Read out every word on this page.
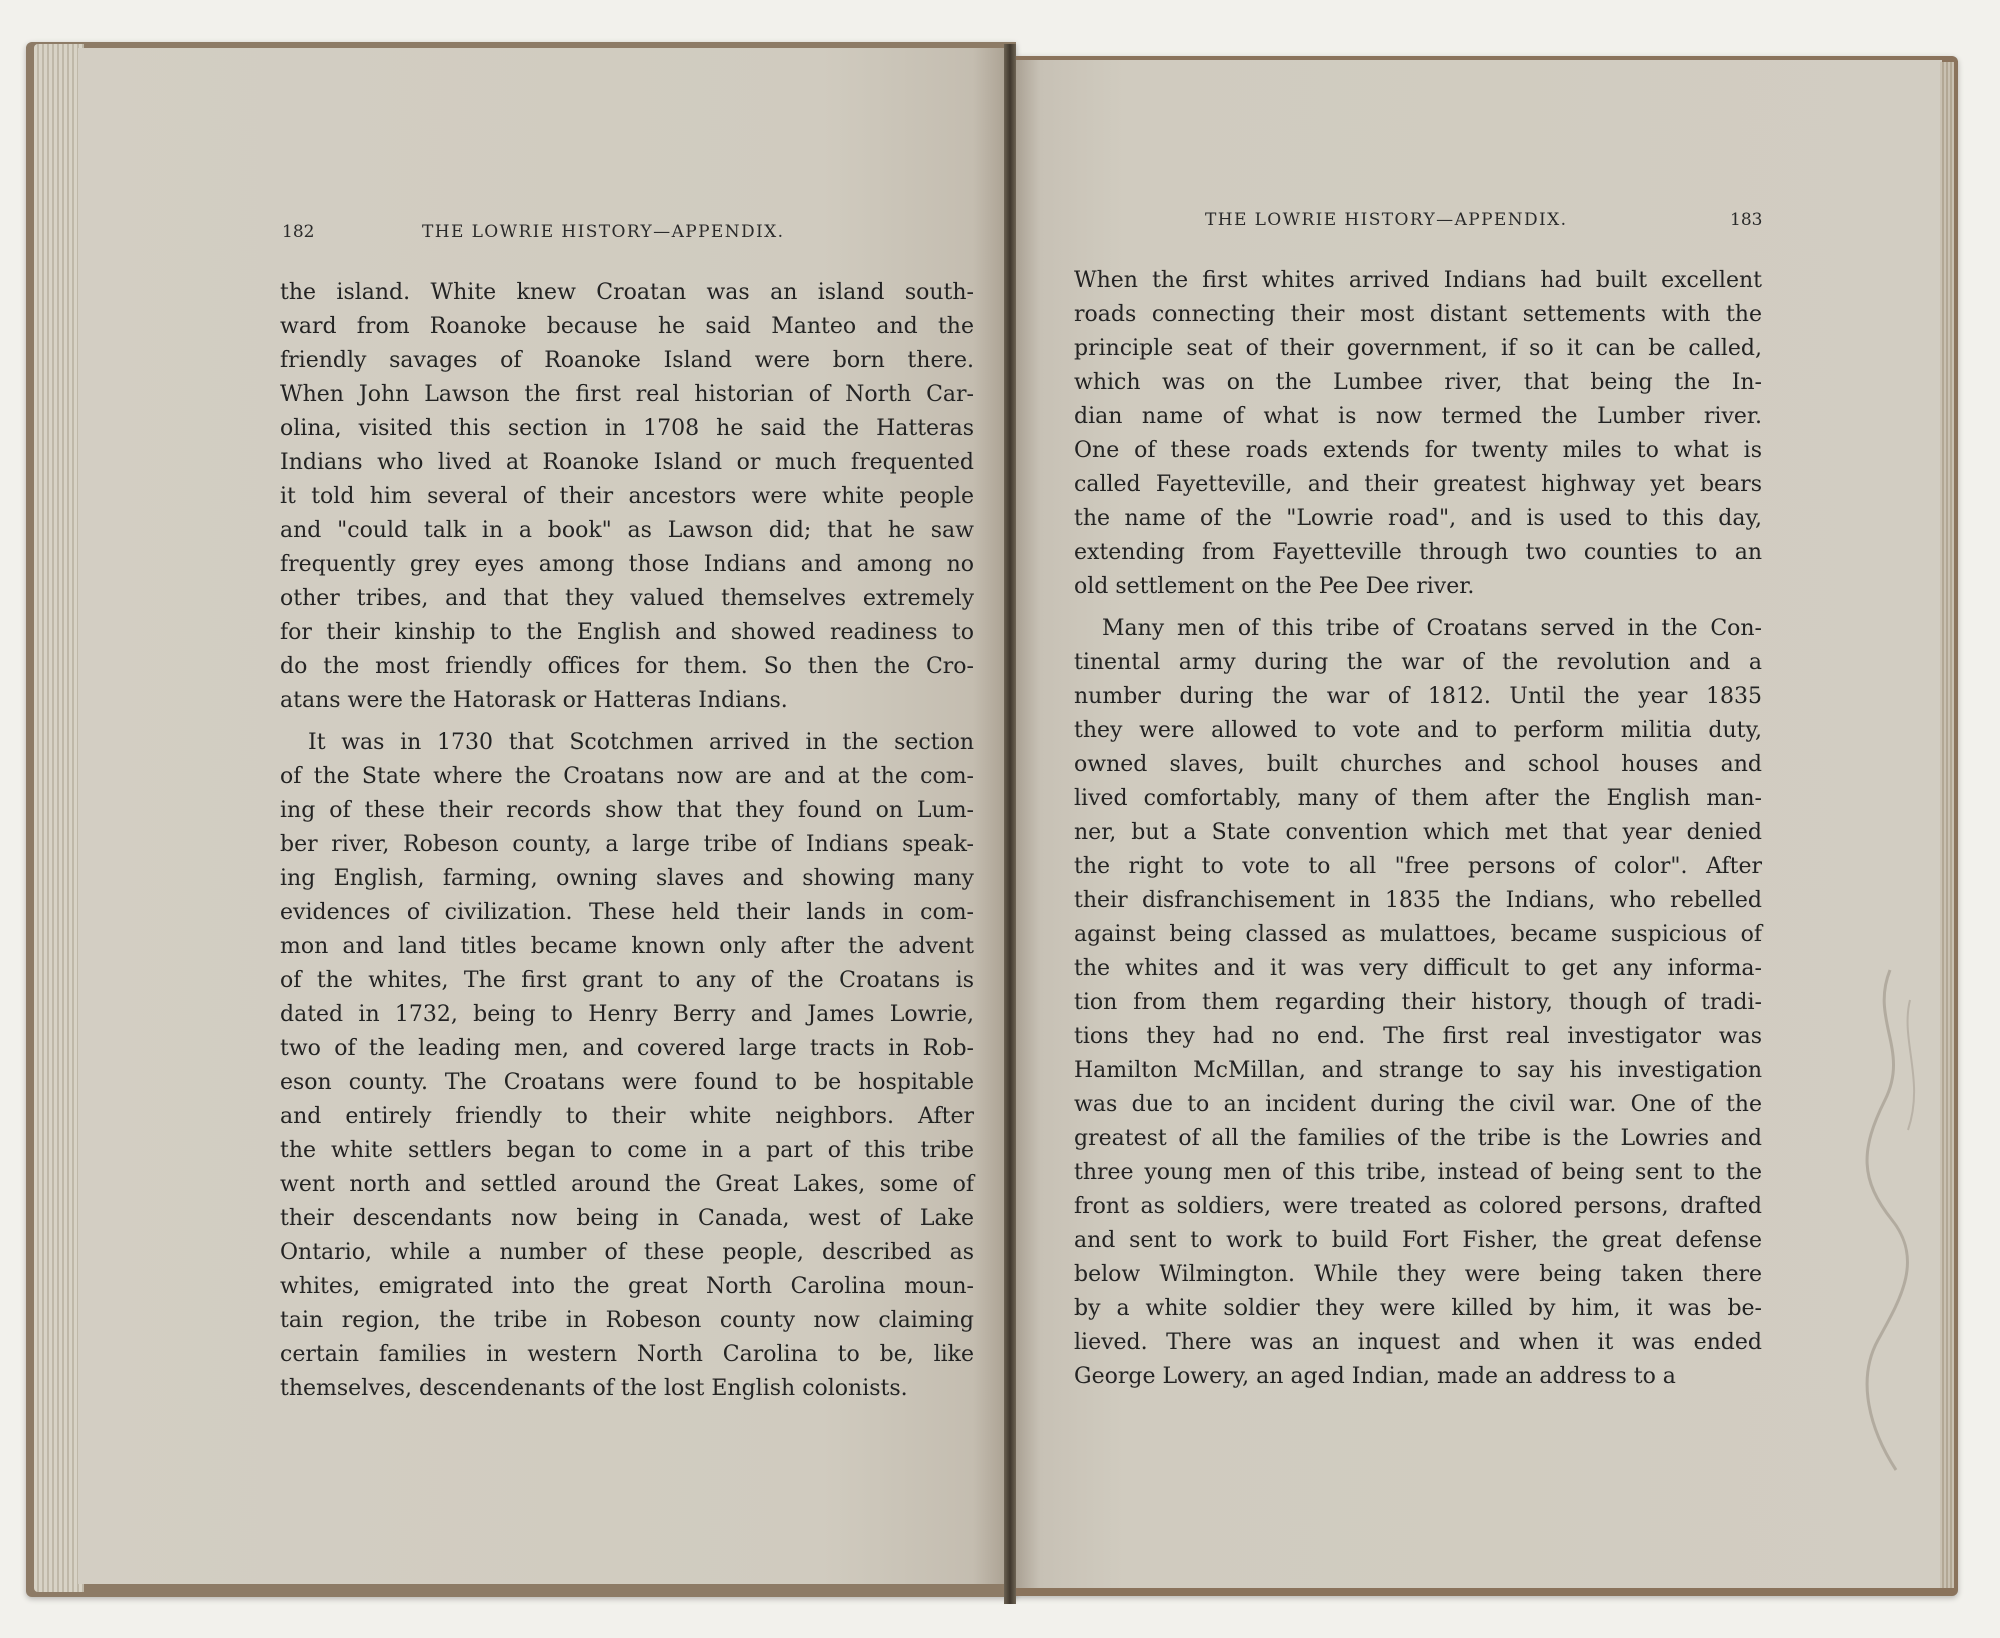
182	THE LOWRIE HISTORY—APPENDIX.
THE LOWRIE HISTORY—APPENDIX.	183

the island. White knew Croatan was an island south-
ward from Roanoke because he said Manteo and the
friendly savages of Roanoke Island were born there.
When John Lawson the first real historian of North Car-
olina, visited this section in 1708 he said the Hatteras
Indians who lived at Roanoke Island or much frequented
it told him several of their ancestors were white people
and "could talk in a book" as Lawson did; that he saw
frequently grey eyes among those Indians and among no
other tribes, and that they valued themselves extremely
for their kinship to the English and showed readiness to
do the most friendly offices for them. So then the Cro-
atans were the Hatorask or Hatteras Indians.

It was in 1730 that Scotchmen arrived in the section
of the State where the Croatans now are and at the com-
ing of these their records show that they found on Lum-
ber river, Robeson county, a large tribe of Indians speak-
ing English, farming, owning slaves and showing many
evidences of civilization. These held their lands in com-
mon and land titles became known only after the advent
of the whites, The first grant to any of the Croatans is
dated in 1732, being to Henry Berry and James Lowrie,
two of the leading men, and covered large tracts in Rob-
eson county. The Croatans were found to be hospitable
and entirely friendly to their white neighbors. After
the white settlers began to come in a part of this tribe
went north and settled around the Great Lakes, some of
their descendants now being in Canada, west of Lake
Ontario, while a number of these people, described as
whites, emigrated into the great North Carolina moun-
tain region, the tribe in Robeson county now claiming
certain families in western North Carolina to be, like
themselves, descendenants of the lost English colonists.

When the first whites arrived Indians had built excellent
roads connecting their most distant settements with the
principle seat of their government, if so it can be called,
which was on the Lumbee river, that being the In-
dian name of what is now termed the Lumber river.
One of these roads extends for twenty miles to what is
called Fayetteville, and their greatest highway yet bears
the name of the "Lowrie road", and is used to this day,
extending from Fayetteville through two counties to an
old settlement on the Pee Dee river.

Many men of this tribe of Croatans served in the Con-
tinental army during the war of the revolution and a
number during the war of 1812. Until the year 1835
they were allowed to vote and to perform militia duty,
owned slaves, built churches and school houses and
lived comfortably, many of them after the English man-
ner, but a State convention which met that year denied
the right to vote to all "free persons of color". After
their disfranchisement in 1835 the Indians, who rebelled
against being classed as mulattoes, became suspicious of
the whites and it was very difficult to get any informa-
tion from them regarding their history, though of tradi-
tions they had no end. The first real investigator was
Hamilton McMillan, and strange to say his investigation
was due to an incident during the civil war. One of the
greatest of all the families of the tribe is the Lowries and
three young men of this tribe, instead of being sent to the
front as soldiers, were treated as colored persons, drafted
and sent to work to build Fort Fisher, the great defense
below Wilmington. While they were being taken there
by a white soldier they were killed by him, it was be-
lieved. There was an inquest and when it was ended
George Lowery, an aged Indian, made an address to a
